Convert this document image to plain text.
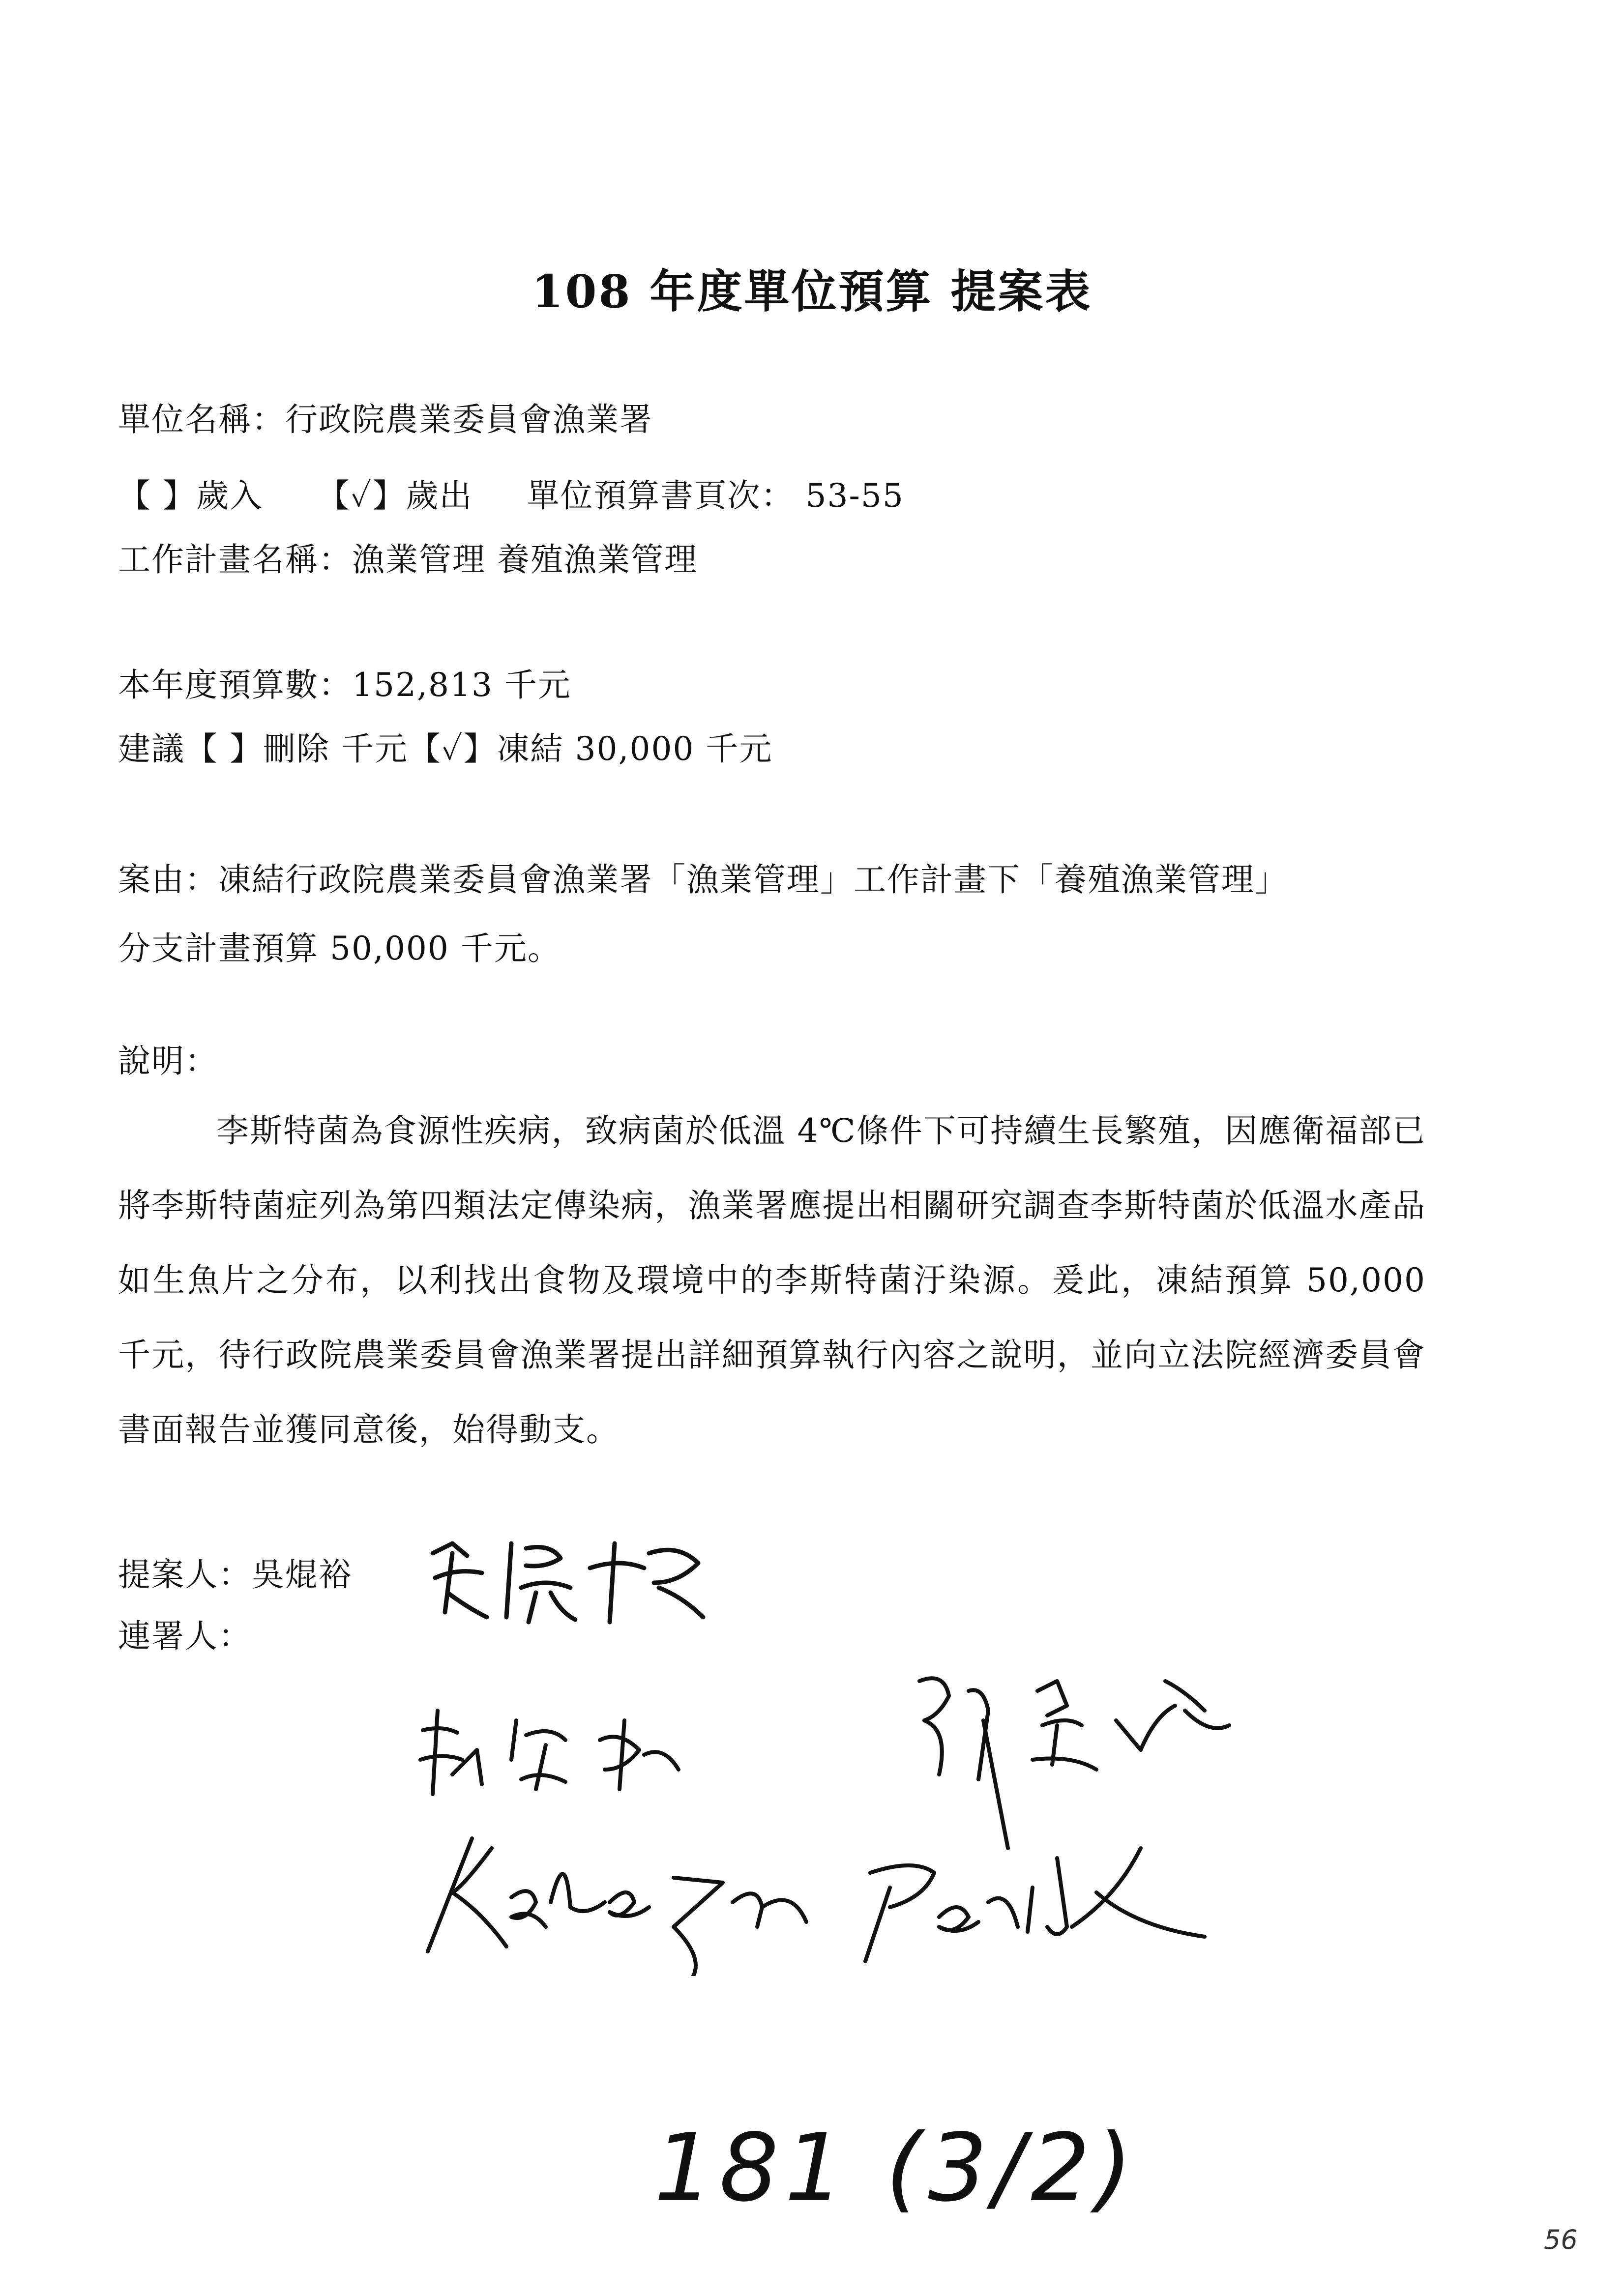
108 年度單位預算 提案表
單位名稱：行政院農業委員會漁業署
【 】歲入 【✓】歲出 單位預算書頁次： 53-55
工作計畫名稱：漁業管理 養殖漁業管理
本年度預算數：152,813 千元
建議【 】刪除 千元【✓】凍結 30,000 千元
案由：凍結行政院農業委員會漁業署「漁業管理」工作計畫下「養殖漁業管理」
分支計畫預算 50,000 千元。
說明：
李斯特菌為食源性疾病，致病菌於低溫 4℃條件下可持續生長繁殖，因應衛福部已將李斯特菌症列為第四類法定傳染病，漁業署應提出相關研究調查李斯特菌於低溫水產品如生魚片之分布，以利找出食物及環境中的李斯特菌汙染源。爰此，凍結預算 50,000 千元，待行政院農業委員會漁業署提出詳細預算執行內容之說明，並向立法院經濟委員會書面報告並獲同意後，始得動支。
提案人：吳焜裕
連署人：
181 (3/2)
56
